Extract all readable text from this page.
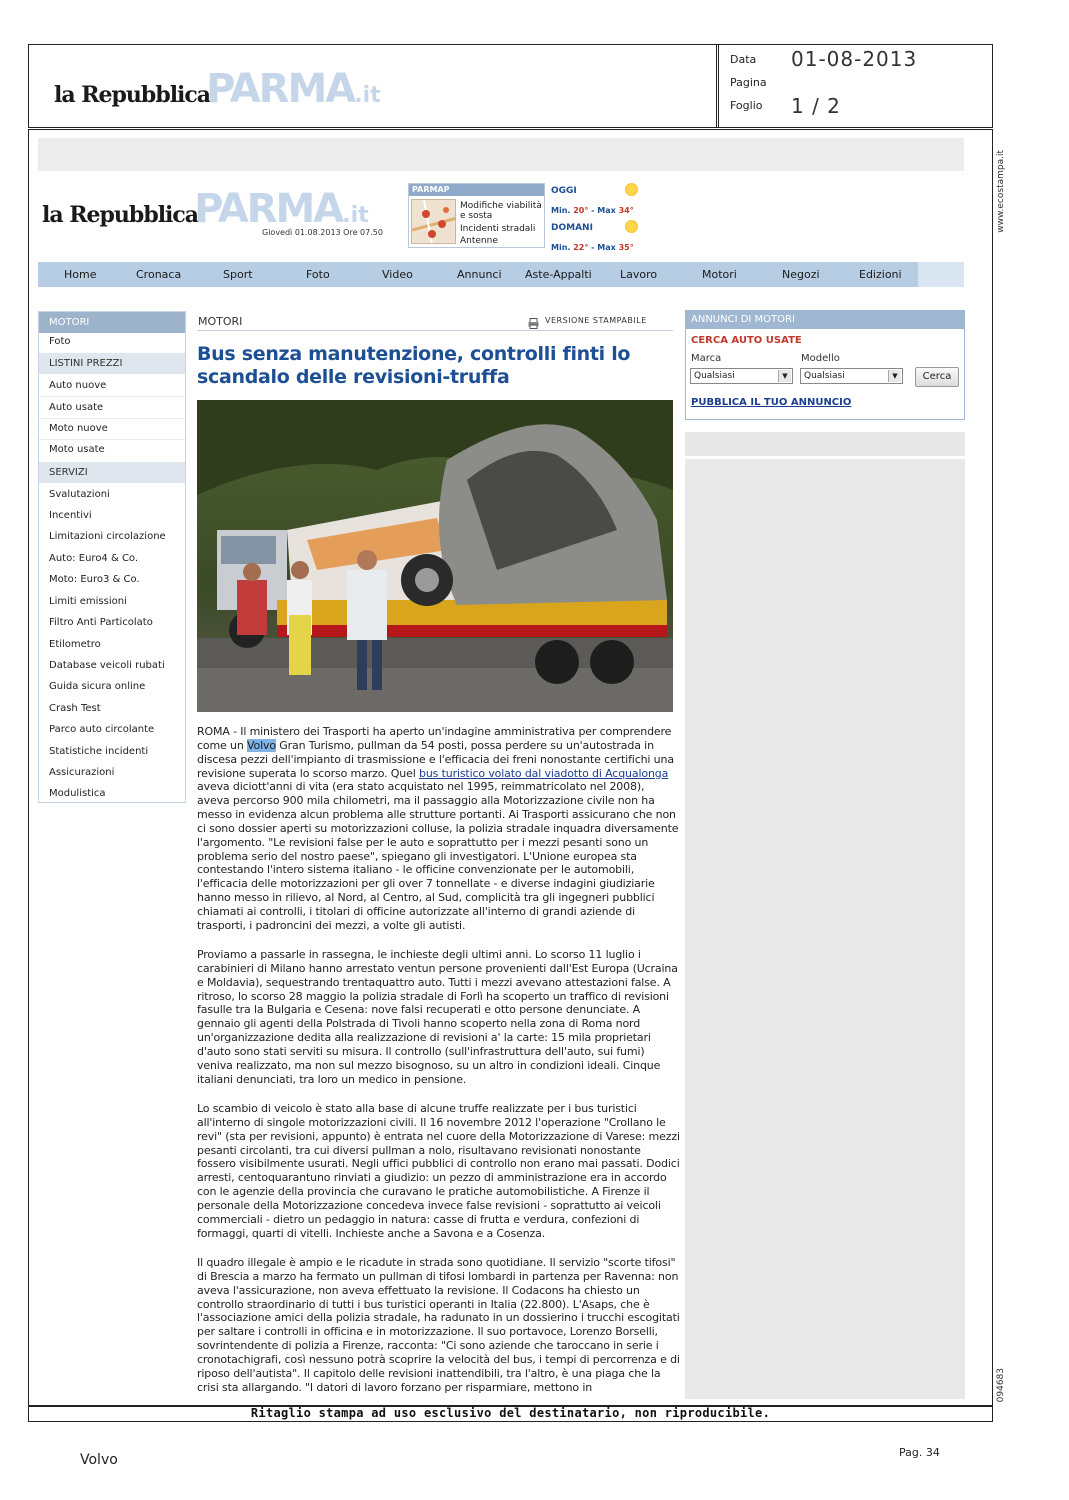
la Repubblica
PARMA .it
Data 01-08-2013
Pagina
Foglio 1 / 2
la Repubblica
PARMA .it
Giovedì 01.08.2013 Ore 07.50
PARMAP
Modifiche viabilità e sosta
Incidenti stradali
Antenne
OGGI
Min. 20° - Max 34°
DOMANI
Min. 22° - Max 35°
Home	Cronaca	Sport	Foto	Video	Annunci Aste-Appalti	Lavoro	Motori	Negozi	Edizioni
MOTORI
Foto
LISTINI PREZZI
Auto nuove
Auto usate
Moto nuove
Moto usate
SERVIZI
Svalutazioni
Incentivi
Limitazioni circolazione
Auto: Euro4 & Co.
Moto: Euro3 & Co.
Limiti emissioni
Filtro Anti Particolato
Etilometro
Database veicoli rubati
Guida sicura online
Crash Test
Parco auto circolante
Statistiche incidenti
Assicurazioni
Modulistica
MOTORI	VERSIONE STAMPABILE
Bus senza manutenzione, controlli finti lo scandalo delle revisioni-truffa

ROMA - Il ministero dei Trasporti ha aperto un'indagine amministrativa per comprendere come un Volvo Gran Turismo, pullman da 54 posti, possa perdere su un'autostrada in discesa pezzi dell'impianto di trasmissione e l'efficacia dei freni nonostante certifichi una revisione superata lo scorso marzo. Quel bus turistico volato dal viadotto di Acqualonga aveva diciott'anni di vita (era stato acquistato nel 1995, reimmatricolato nel 2008), aveva percorso 900 mila chilometri, ma il passaggio alla Motorizzazione civile non ha messo in evidenza alcun problema alle strutture portanti. Ai Trasporti assicurano che non ci sono dossier aperti su motorizzazioni colluse, la polizia stradale inquadra diversamente l'argomento. "Le revisioni false per le auto e soprattutto per i mezzi pesanti sono un problema serio del nostro paese", spiegano gli investigatori. L'Unione europea sta contestando l'intero sistema italiano - le officine convenzionate per le automobili, l'efficacia delle motorizzazioni per gli over 7 tonnellate - e diverse indagini giudiziarie hanno messo in rilievo, al Nord, al Centro, al Sud, complicità tra gli ingegneri pubblici chiamati ai controlli, i titolari di officine autorizzate all'interno di grandi aziende di trasporti, i padroncini dei mezzi, a volte gli autisti.

Proviamo a passarle in rassegna, le inchieste degli ultimi anni. Lo scorso 11 luglio i carabinieri di Milano hanno arrestato ventun persone provenienti dall'Est Europa (Ucraina e Moldavia), sequestrando trentaquattro auto. Tutti i mezzi avevano attestazioni false. A ritroso, lo scorso 28 maggio la polizia stradale di Forlì ha scoperto un traffico di revisioni fasulle tra la Bulgaria e Cesena: nove falsi recuperati e otto persone denunciate. A gennaio gli agenti della Polstrada di Tivoli hanno scoperto nella zona di Roma nord un'organizzazione dedita alla realizzazione di revisioni a' la carte: 15 mila proprietari d'auto sono stati serviti su misura. Il controllo (sull'infrastruttura dell'auto, sui fumi) veniva realizzato, ma non sul mezzo bisognoso, su un altro in condizioni ideali. Cinque italiani denunciati, tra loro un medico in pensione.
Lo scambio di veicolo è stato alla base di alcune truffe realizzate per i bus turistici all'interno di singole motorizzazioni civili. Il 16 novembre 2012 l'operazione "Crollano le revi" (sta per revisioni, appunto) è entrata nel cuore della Motorizzazione di Varese: mezzi pesanti circolanti, tra cui diversi pullman a nolo, risultavano revisionati nonostante fossero visibilmente usurati. Negli uffici pubblici di controllo non erano mai passati. Dodici arresti, centoquarantuno rinviati a giudizio: un pezzo di amministrazione era in accordo con le agenzie della provincia che curavano le pratiche automobilistiche. A Firenze il personale della Motorizzazione concedeva invece false revisioni - soprattutto ai veicoli commerciali - dietro un pedaggio in natura: casse di frutta e verdura, confezioni di formaggi, quarti di vitelli. Inchieste anche a Savona e a Cosenza.
Il quadro illegale è ampio e le ricadute in strada sono quotidiane. Il servizio "scorte tifosi" di Brescia a marzo ha fermato un pullman di tifosi lombardi in partenza per Ravenna: non aveva l'assicurazione, non aveva effettuato la revisione. Il Codacons ha chiesto un controllo straordinario di tutti i bus turistici operanti in Italia (22.800). L'Asaps, che è l'associazione amici della polizia stradale, ha radunato in un dossierino i trucchi escogitati per saltare i controlli in officina e in motorizzazione. Il suo portavoce, Lorenzo Borselli, sovrintendente di polizia a Firenze, racconta: "Ci sono aziende che taroccano in serie i cronotachigrafi, così nessuno potrà scoprire la velocità del bus, i tempi di percorrenza e di riposo dell'autista". Il capitolo delle revisioni inattendibili, tra l'altro, è una piaga che la crisi sta allargando. "I datori di lavoro forzano per risparmiare, mettono in
ANNUNCI DI MOTORI
CERCA AUTO USATE
Marca	Modello
Qualsiasi	▼	Qualsiasi	▼	Cerca
PUBBLICA IL TUO ANNUNCIO
www.ecostampa.it
094683
Ritaglio stampa ad uso esclusivo del destinatario, non riproducibile.
Volvo	Pag. 34
